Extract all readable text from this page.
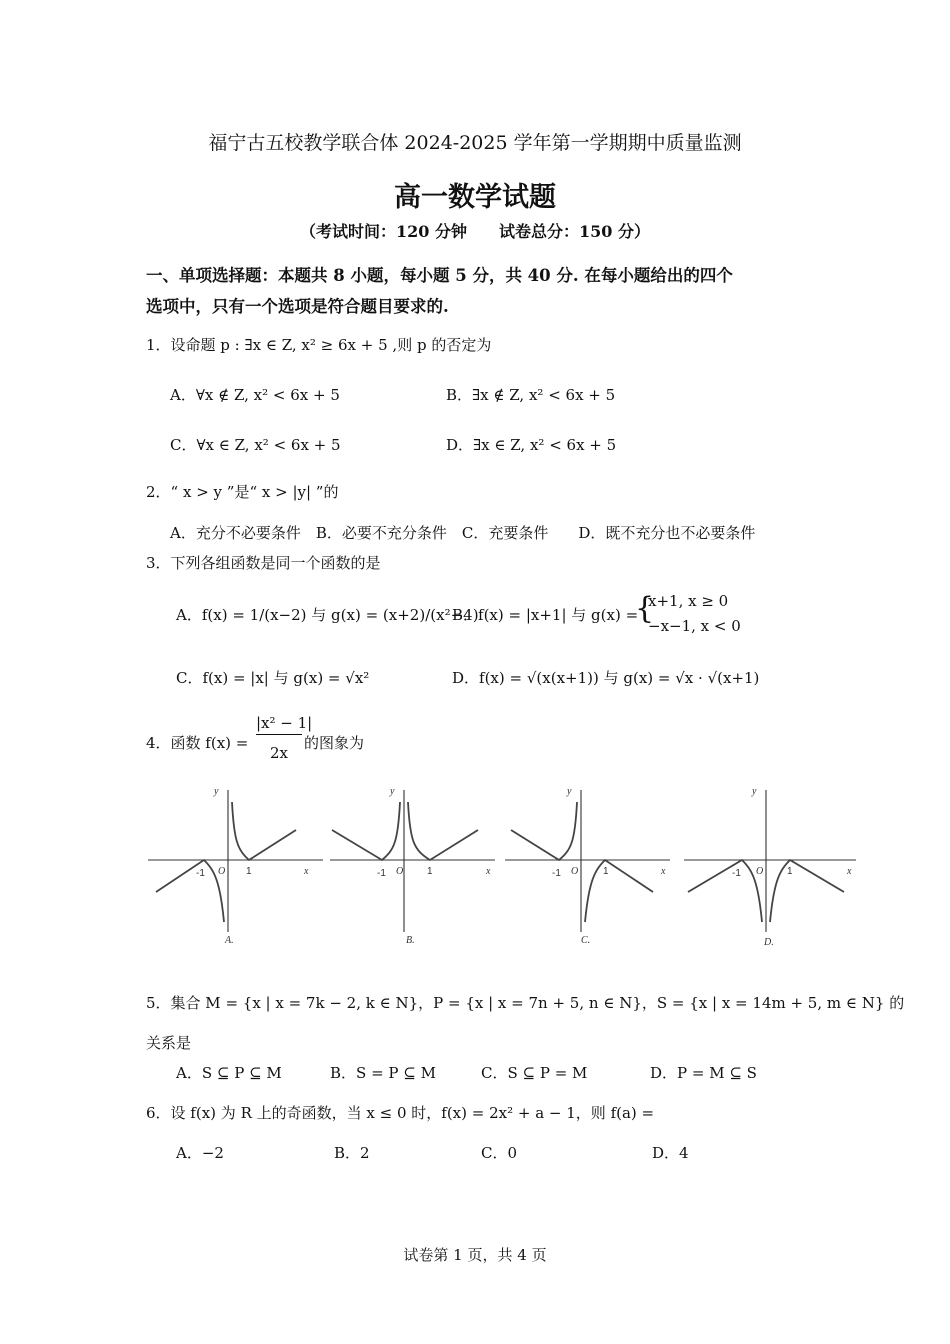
福宁古五校教学联合体 2024-2025 学年第一学期期中质量监测
高一数学试题
（考试时间：120 分钟　　试卷总分：150 分）
一、单项选择题：本题共 8 小题，每小题 5 分，共 40 分. 在每小题给出的四个
选项中，只有一个选项是符合题目要求的.
1．设命题 p : ∃x ∈ Z, x² ≥ 6x + 5 ,则 p 的否定为
A．∀x ∉ Z, x² < 6x + 5	B．∃x ∉ Z, x² < 6x + 5
C．∀x ∈ Z, x² < 6x + 5	D．∃x ∈ Z, x² < 6x + 5
2．“ x > y ”是“ x > |y| ”的
A．充分不必要条件　B．必要不充分条件　C．充要条件　　D．既不充分也不必要条件
3．下列各组函数是同一个函数的是
A．f(x) = 1/(x−2) 与 g(x) = (x+2)/(x²−4)
B．f(x) = |x+1| 与 g(x) =
{
x+1, x ≥ 0
−x−1, x < 0
C．f(x) = |x| 与 g(x) = √x²	D．f(x) = √(x(x+1)) 与 g(x) = √x · √(x+1)
4．函数 f(x) =
|x² − 1|
2x
的图象为
y
x
O
-1	1
A.
y
x
O
-1	1
B.
y
x
O
-1	1
C.
y
x
O
-1	1
D.
5．集合 M = {x | x = 7k − 2, k ∈ N}，P = {x | x = 7n + 5, n ∈ N}，S = {x | x = 14m + 5, m ∈ N} 的
关系是
A．S ⊆ P ⊆ M	B．S = P ⊆ M	C．S ⊆ P = M	D．P = M ⊆ S
6．设 f(x) 为 R 上的奇函数，当 x ≤ 0 时，f(x) = 2x² + a − 1，则 f(a) =
A．−2	B．2	C．0	D．4
试卷第 1 页，共 4 页
